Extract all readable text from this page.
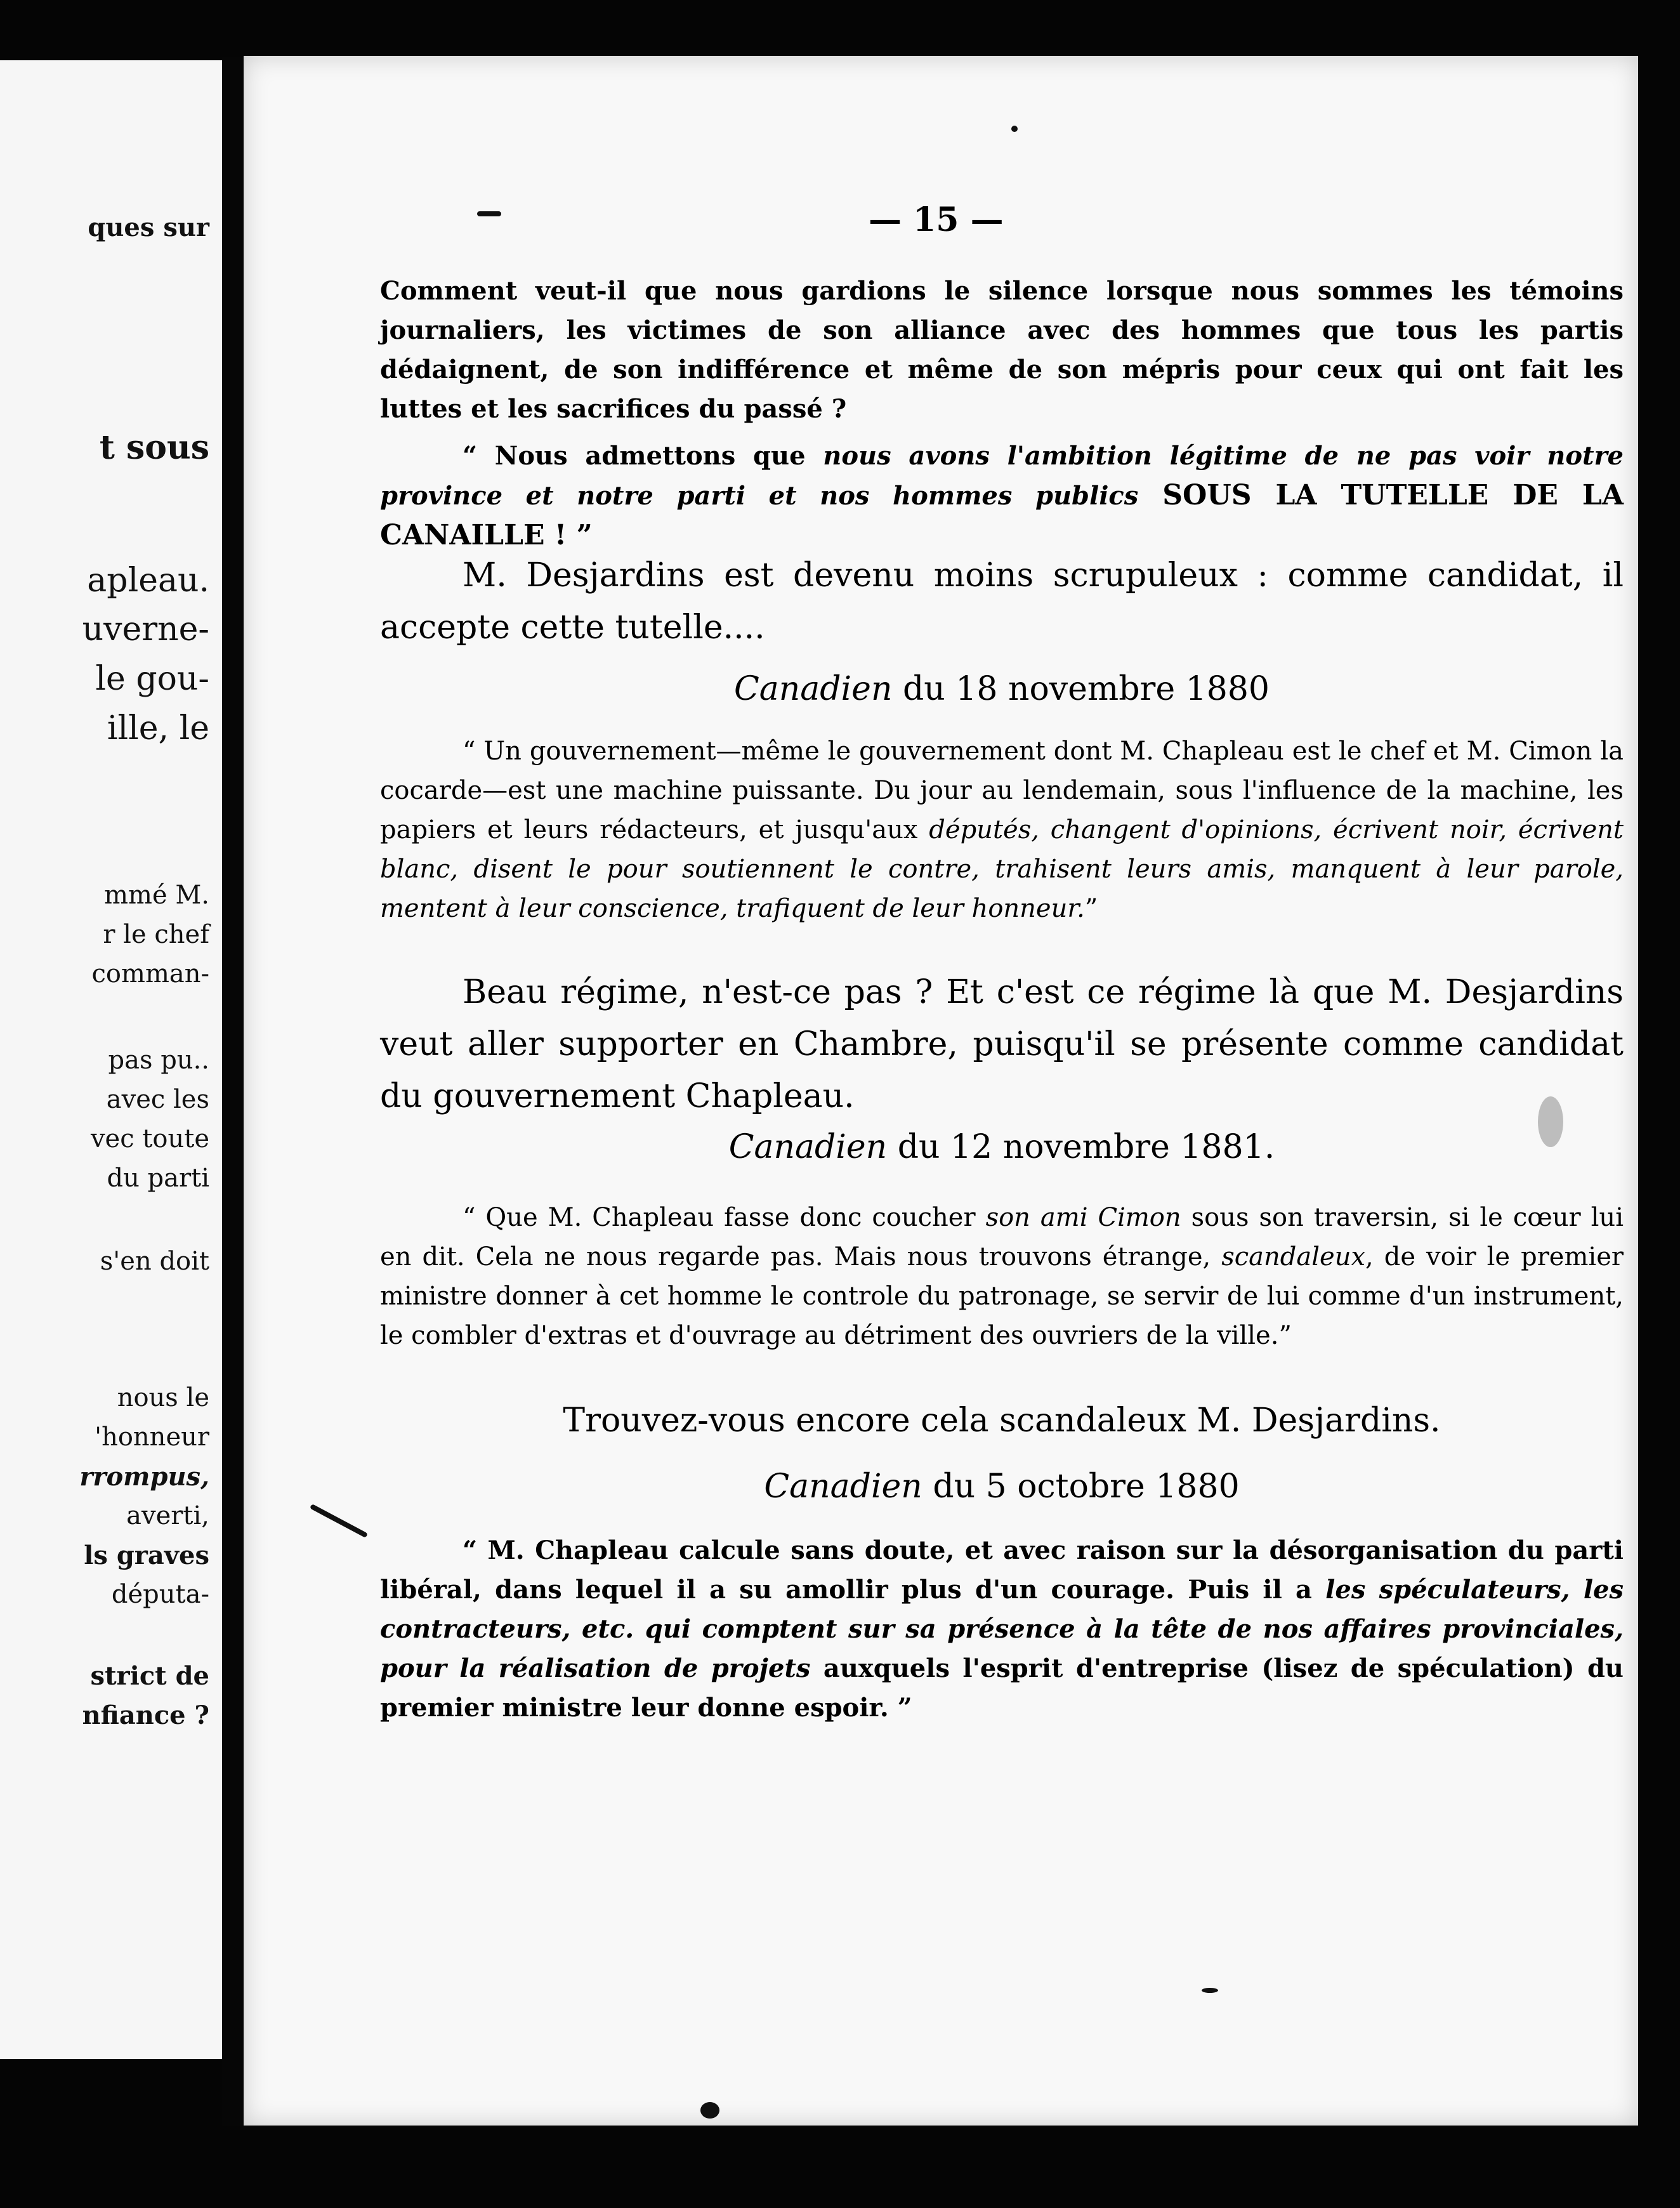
ques sur
t sous
apleau.
uverne-
le gou-
ille, le
mmé M.
r le chef
comman-
pas pu..
avec les
vec toute
du parti
s'en doit
nous le
'honneur
rrompus,
averti,
ls graves
députa-
strict de
nfiance ?
— 15 —

Comment veut-il que nous gardions le silence lorsque nous sommes les témoins journaliers, les victimes de son alliance avec des hommes que tous les partis dédaignent, de son indifférence et même de son mépris pour ceux qui ont fait les luttes et les sacrifices du passé ?

“ Nous admettons que nous avons l'ambition légitime de ne pas voir notre province et notre parti et nos hommes publics SOUS LA TUTELLE DE LA CANAILLE ! ”

M. Desjardins est devenu moins scrupuleux : comme candidat, il accepte cette tutelle....

Canadien du 18 novembre 1880

“ Un gouvernement—même le gouvernement dont M. Chapleau est le chef et M. Cimon la cocarde—est une machine puissante. Du jour au lendemain, sous l'influence de la machine, les papiers et leurs rédacteurs, et jusqu'aux députés, changent d'opinions, écrivent noir, écrivent blanc, disent le pour soutiennent le contre, trahisent leurs amis, manquent à leur parole, mentent à leur conscience, trafiquent de leur honneur.”

Beau régime, n'est-ce pas ? Et c'est ce régime là que M. Desjardins veut aller supporter en Chambre, puisqu'il se présente comme candidat du gouvernement Chapleau.

Canadien du 12 novembre 1881.

“ Que M. Chapleau fasse donc coucher son ami Cimon sous son traversin, si le cœur lui en dit. Cela ne nous regarde pas. Mais nous trouvons étrange, scandaleux, de voir le premier ministre donner à cet homme le controle du patronage, se servir de lui comme d'un instrument, le combler d'extras et d'ouvrage au détriment des ouvriers de la ville.”

Trouvez-vous encore cela scandaleux M. Desjardins.

Canadien du 5 octobre 1880

“ M. Chapleau calcule sans doute, et avec raison sur la désorganisation du parti libéral, dans lequel il a su amollir plus d'un courage. Puis il a les spéculateurs, les contracteurs, etc. qui comptent sur sa présence à la tête de nos affaires provinciales, pour la réalisation de projets auxquels l'esprit d'entreprise (lisez de spéculation) du premier ministre leur donne espoir. ”
